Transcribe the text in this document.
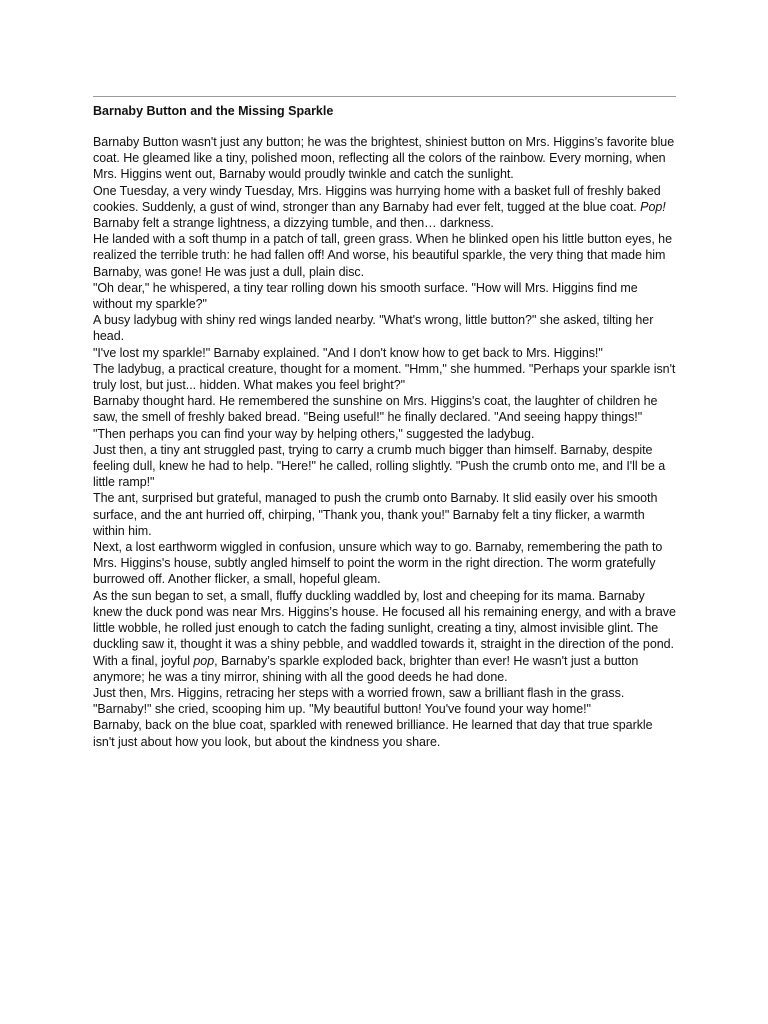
Barnaby Button and the Missing Sparkle

Barnaby Button wasn't just any button; he was the brightest, shiniest button on Mrs. Higgins’s favorite blue coat. He gleamed like a tiny, polished moon, reflecting all the colors of the rainbow. Every morning, when Mrs. Higgins went out, Barnaby would proudly twinkle and catch the sunlight.

One Tuesday, a very windy Tuesday, Mrs. Higgins was hurrying home with a basket full of freshly baked cookies. Suddenly, a gust of wind, stronger than any Barnaby had ever felt, tugged at the blue coat. Pop! Barnaby felt a strange lightness, a dizzying tumble, and then… darkness.

He landed with a soft thump in a patch of tall, green grass. When he blinked open his little button eyes, he realized the terrible truth: he had fallen off! And worse, his beautiful sparkle, the very thing that made him Barnaby, was gone! He was just a dull, plain disc.

"Oh dear," he whispered, a tiny tear rolling down his smooth surface. "How will Mrs. Higgins find me without my sparkle?"

A busy ladybug with shiny red wings landed nearby. "What's wrong, little button?" she asked, tilting her head.

"I've lost my sparkle!" Barnaby explained. "And I don't know how to get back to Mrs. Higgins!"

The ladybug, a practical creature, thought for a moment. "Hmm," she hummed. "Perhaps your sparkle isn't truly lost, but just... hidden. What makes you feel bright?"

Barnaby thought hard. He remembered the sunshine on Mrs. Higgins's coat, the laughter of children he saw, the smell of freshly baked bread. "Being useful!" he finally declared. "And seeing happy things!"

"Then perhaps you can find your way by helping others," suggested the ladybug.

Just then, a tiny ant struggled past, trying to carry a crumb much bigger than himself. Barnaby, despite feeling dull, knew he had to help. "Here!" he called, rolling slightly. "Push the crumb onto me, and I'll be a little ramp!"

The ant, surprised but grateful, managed to push the crumb onto Barnaby. It slid easily over his smooth surface, and the ant hurried off, chirping, "Thank you, thank you!" Barnaby felt a tiny flicker, a warmth within him.

Next, a lost earthworm wiggled in confusion, unsure which way to go. Barnaby, remembering the path to Mrs. Higgins's house, subtly angled himself to point the worm in the right direction. The worm gratefully burrowed off. Another flicker, a small, hopeful gleam.

As the sun began to set, a small, fluffy duckling waddled by, lost and cheeping for its mama. Barnaby knew the duck pond was near Mrs. Higgins’s house. He focused all his remaining energy, and with a brave little wobble, he rolled just enough to catch the fading sunlight, creating a tiny, almost invisible glint. The duckling saw it, thought it was a shiny pebble, and waddled towards it, straight in the direction of the pond.

With a final, joyful pop, Barnaby’s sparkle exploded back, brighter than ever! He wasn't just a button anymore; he was a tiny mirror, shining with all the good deeds he had done.

Just then, Mrs. Higgins, retracing her steps with a worried frown, saw a brilliant flash in the grass. "Barnaby!" she cried, scooping him up. "My beautiful button! You've found your way home!"

Barnaby, back on the blue coat, sparkled with renewed brilliance. He learned that day that true sparkle isn't just about how you look, but about the kindness you share.
